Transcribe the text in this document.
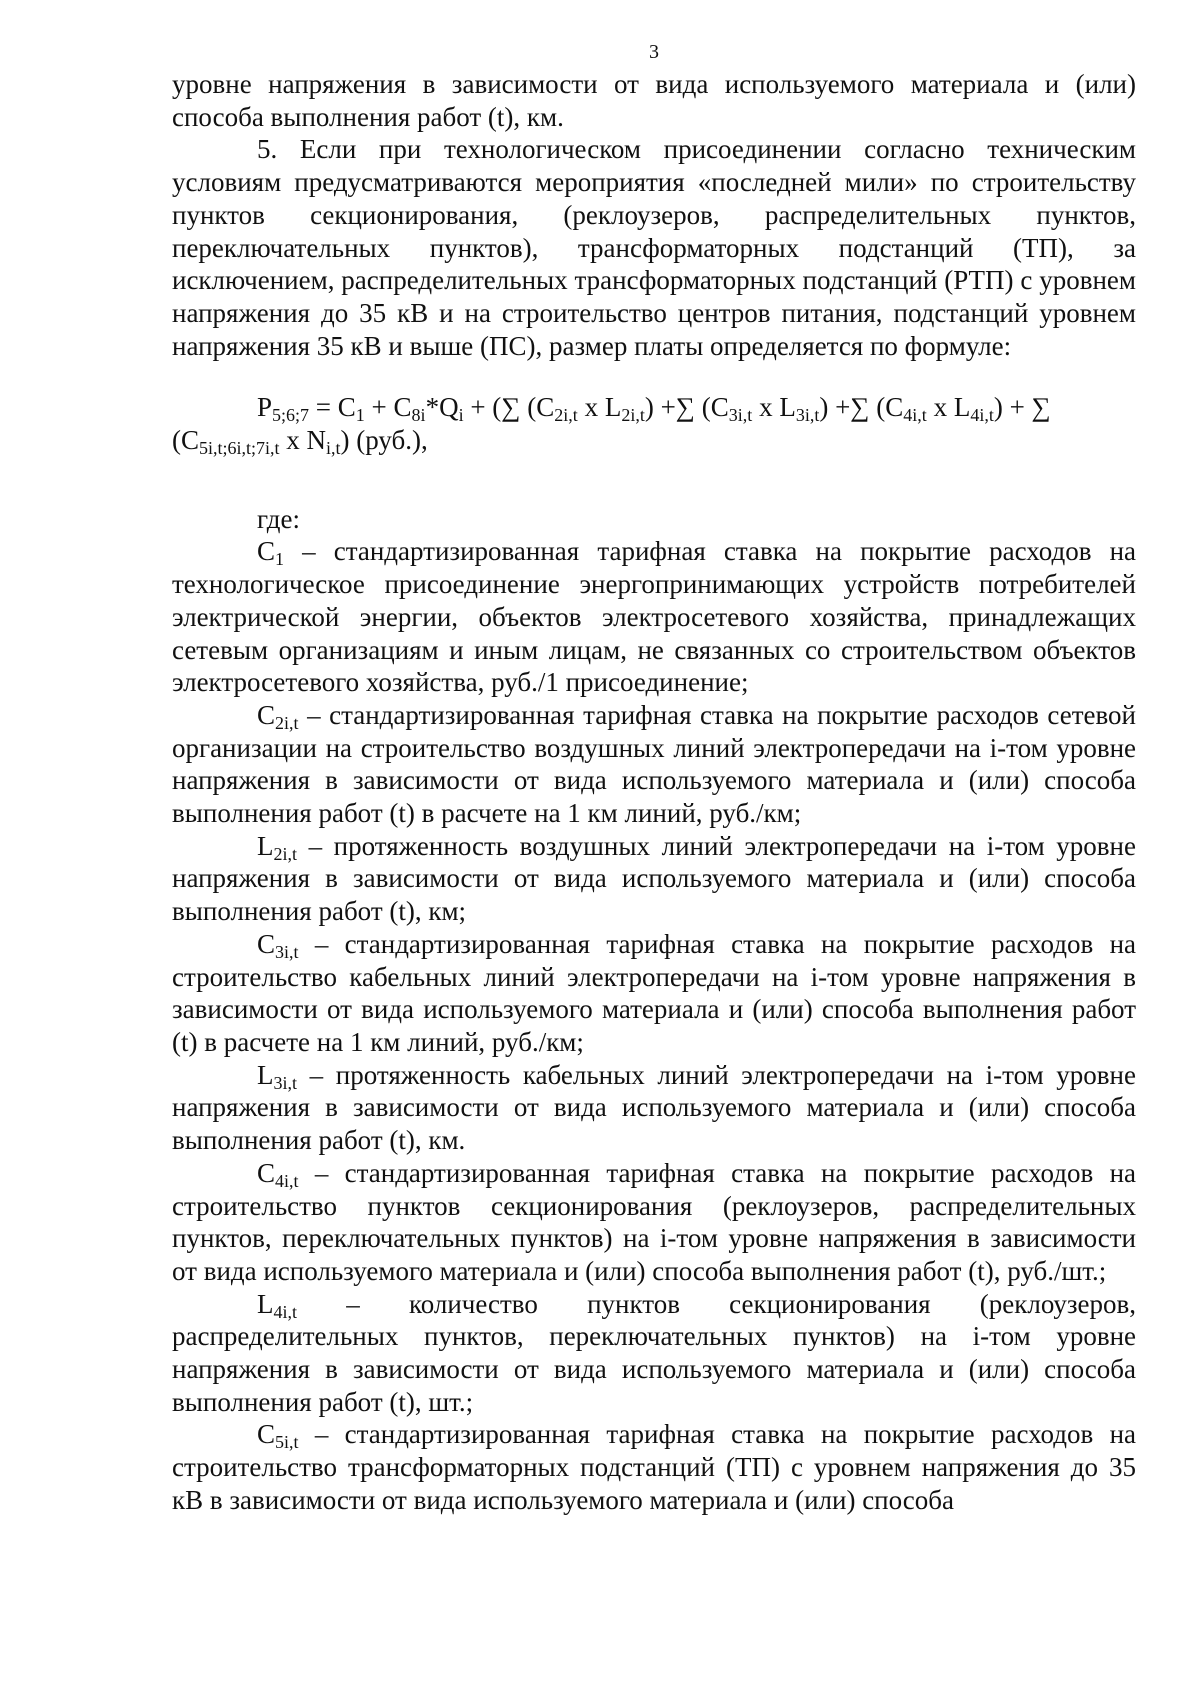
3

уровне напряжения в зависимости от вида используемого материала и (или) способа выполнения работ (t), км.

5. Если при технологическом присоединении согласно техническим условиям предусматриваются мероприятия «последней мили» по строительству пунктов секционирования, (реклоузеров, распределительных пунктов, переключательных пунктов), трансформаторных подстанций (ТП), за исключением, распределительных трансформаторных подстанций (РТП) с уровнем напряжения до 35 кВ и на строительство центров питания, подстанций уровнем напряжения 35 кВ и выше (ПС), размер платы определяется по формуле:

$P_{5;6;7} = C_1 + C_{8i}*Q_i$ + (∑ ($C_{2i,t}$ x $L_{2i,t}$) +∑ ($C_{3i,t}$ x $L_{3i,t}$) +∑ ($C_{4i,t}$ x $L_{4i,t}$) + ∑

($C_{5i,t;6i,t;7i,t}$ x $N_{i,t}$) (руб.),

где:

$C_1$ – стандартизированная тарифная ставка на покрытие расходов на технологическое присоединение энергопринимающих устройств потребителей электрической энергии, объектов электросетевого хозяйства, принадлежащих сетевым организациям и иным лицам, не связанных со строительством объектов электросетевого хозяйства, руб./1 присоединение;

$C_{2i,t}$ – стандартизированная тарифная ставка на покрытие расходов сетевой организации на строительство воздушных линий электропередачи на i-том уровне напряжения в зависимости от вида используемого материала и (или) способа выполнения работ (t) в расчете на 1 км линий, руб./км;

$L_{2i,t}$ – протяженность воздушных линий электропередачи на i-том уровне напряжения в зависимости от вида используемого материала и (или) способа выполнения работ (t), км;

$C_{3i,t}$ – стандартизированная тарифная ставка на покрытие расходов на строительство кабельных линий электропередачи на i-том уровне напряжения в зависимости от вида используемого материала и (или) способа выполнения работ (t) в расчете на 1 км линий, руб./км;

$L_{3i,t}$ – протяженность кабельных линий электропередачи на i-том уровне напряжения в зависимости от вида используемого материала и (или) способа выполнения работ (t), км.

$C_{4i,t}$ – стандартизированная тарифная ставка на покрытие расходов на строительство пунктов секционирования (реклоузеров, распределительных пунктов, переключательных пунктов) на i-том уровне напряжения в зависимости от вида используемого материала и (или) способа выполнения работ (t), руб./шт.;

$L_{4i,t}$ – количество пунктов секционирования (реклоузеров, распределительных пунктов, переключательных пунктов) на i-том уровне напряжения в зависимости от вида используемого материала и (или) способа выполнения работ (t), шт.;

$C_{5i,t}$ – стандартизированная тарифная ставка на покрытие расходов на строительство трансформаторных подстанций (ТП) с уровнем напряжения до 35 кВ в зависимости от вида используемого материала и (или) способа
